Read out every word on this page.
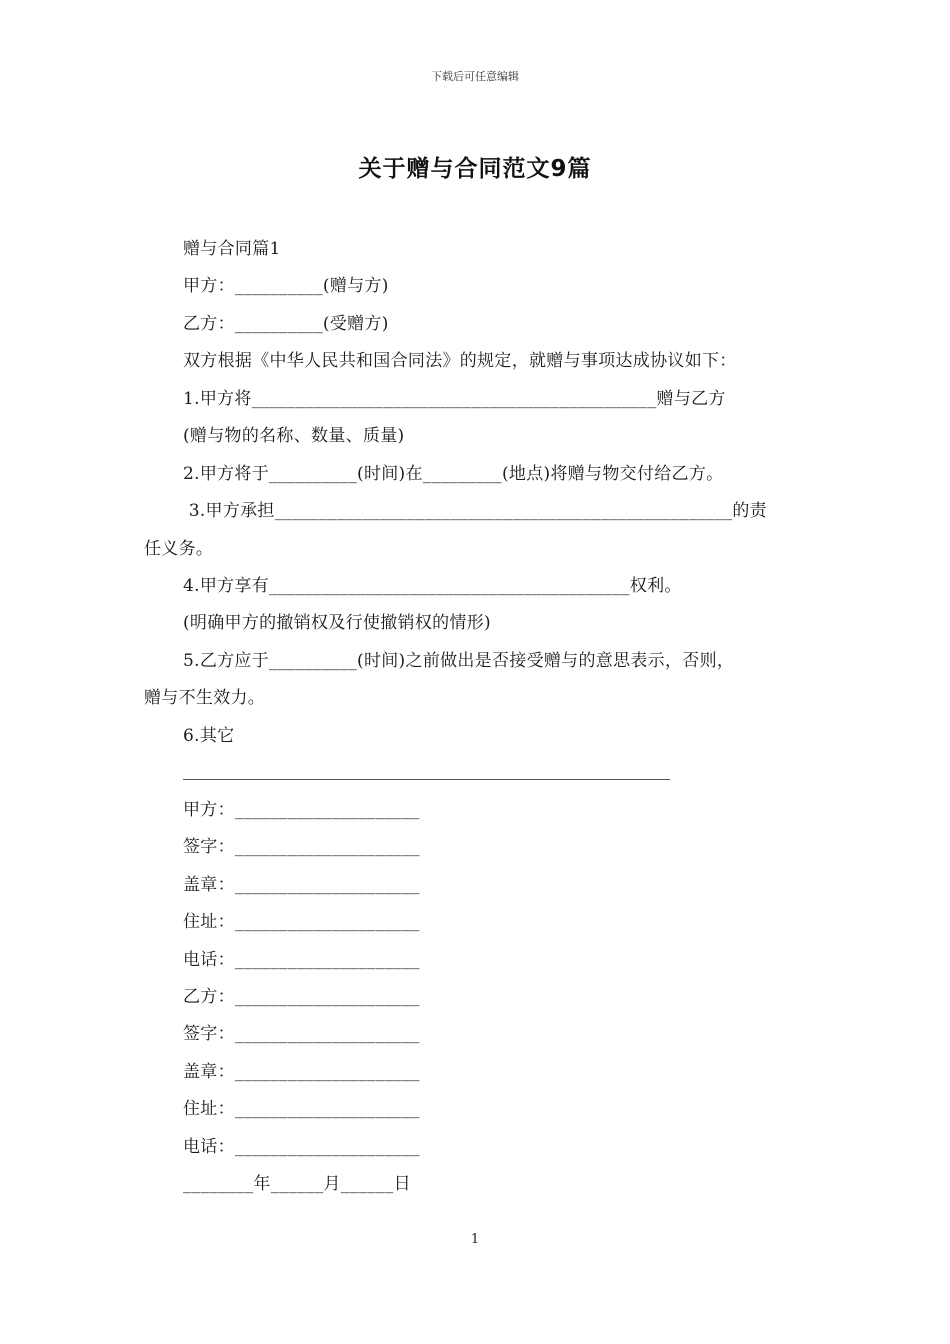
下载后可任意编辑
关于赠与合同范文9篇
赠与合同篇1
甲方：__________(赠与方)
乙方：__________(受赠方)
双方根据《中华人民共和国合同法》的规定，就赠与事项达成协议如下：
1.甲方将______________________________________________赠与乙方
(赠与物的名称、数量、质量)
2.甲方将于__________(时间)在_________(地点)将赠与物交付给乙方。
3.甲方承担____________________________________________________的责
任义务。
4.甲方享有_________________________________________权利。
(明确甲方的撤销权及行使撤销权的情形)
5.乙方应于__________(时间)之前做出是否接受赠与的意思表示，否则，
赠与不生效力。
6.其它
甲方：_____________________
签字：_____________________
盖章：_____________________
住址：_____________________
电话：_____________________
乙方：_____________________
签字：_____________________
盖章：_____________________
住址：_____________________
电话：_____________________
________年______月______日
1
